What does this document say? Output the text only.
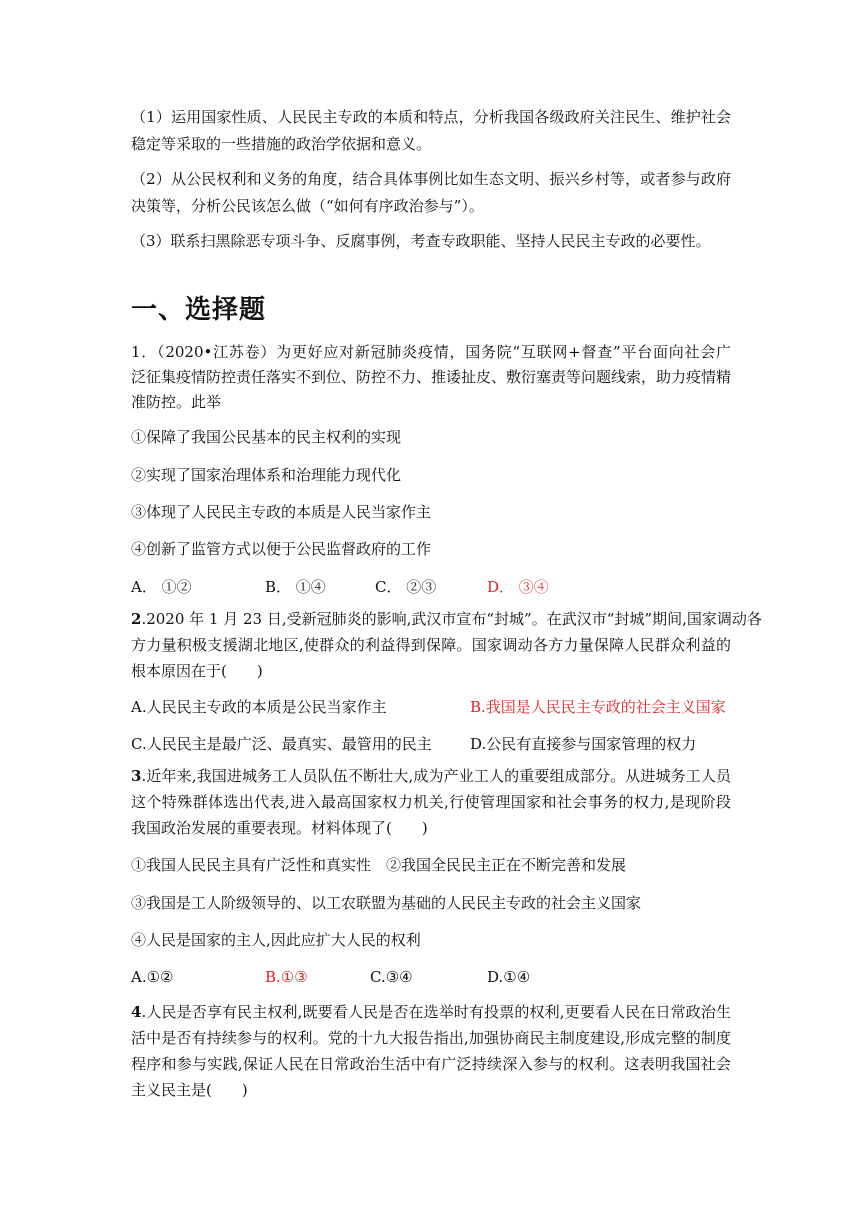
（1）运用国家性质、人民民主专政的本质和特点，分析我国各级政府关注民生、维护社会
稳定等采取的一些措施的政治学依据和意义。
（2）从公民权利和义务的角度，结合具体事例比如生态文明、振兴乡村等，或者参与政府
决策等，分析公民该怎么做（“如何有序政治参与”）。
（3）联系扫黑除恶专项斗争、反腐事例，考查专政职能、坚持人民民主专政的必要性。
一、选择题
1．（2020•江苏卷）为更好应对新冠肺炎疫情，国务院“互联网+督查”平台面向社会广
泛征集疫情防控责任落实不到位、防控不力、推诿扯皮、敷衍塞责等问题线索，助力疫情精
准防控。此举
①保障了我国公民基本的民主权利的实现
②实现了国家治理体系和治理能力现代化
③体现了人民民主专政的本质是人民当家作主
④创新了监管方式以便于公民监督政府的工作
A． ①②	B． ①④	C． ②③	D． ③④
2.2020 年 1 月 23 日,受新冠肺炎的影响,武汉市宣布“封城”。在武汉市“封城”期间,国家调动各
方力量积极支援湖北地区,使群众的利益得到保障。国家调动各方力量保障人民群众利益的
根本原因在于(　　)
A.人民民主专政的本质是公民当家作主	B.我国是人民民主专政的社会主义国家
C.人民民主是最广泛、最真实、最管用的民主	D.公民有直接参与国家管理的权力
3.近年来,我国进城务工人员队伍不断壮大,成为产业工人的重要组成部分。从进城务工人员
这个特殊群体选出代表,进入最高国家权力机关,行使管理国家和社会事务的权力,是现阶段
我国政治发展的重要表现。材料体现了(　　)
①我国人民民主具有广泛性和真实性　②我国全民民主正在不断完善和发展
③我国是工人阶级领导的、以工农联盟为基础的人民民主专政的社会主义国家
④人民是国家的主人,因此应扩大人民的权利
A.①②	B.①③	C.③④	D.①④
4.人民是否享有民主权利,既要看人民是否在选举时有投票的权利,更要看人民在日常政治生
活中是否有持续参与的权利。党的十九大报告指出,加强协商民主制度建设,形成完整的制度
程序和参与实践,保证人民在日常政治生活中有广泛持续深入参与的权利。这表明我国社会
主义民主是(　　)
